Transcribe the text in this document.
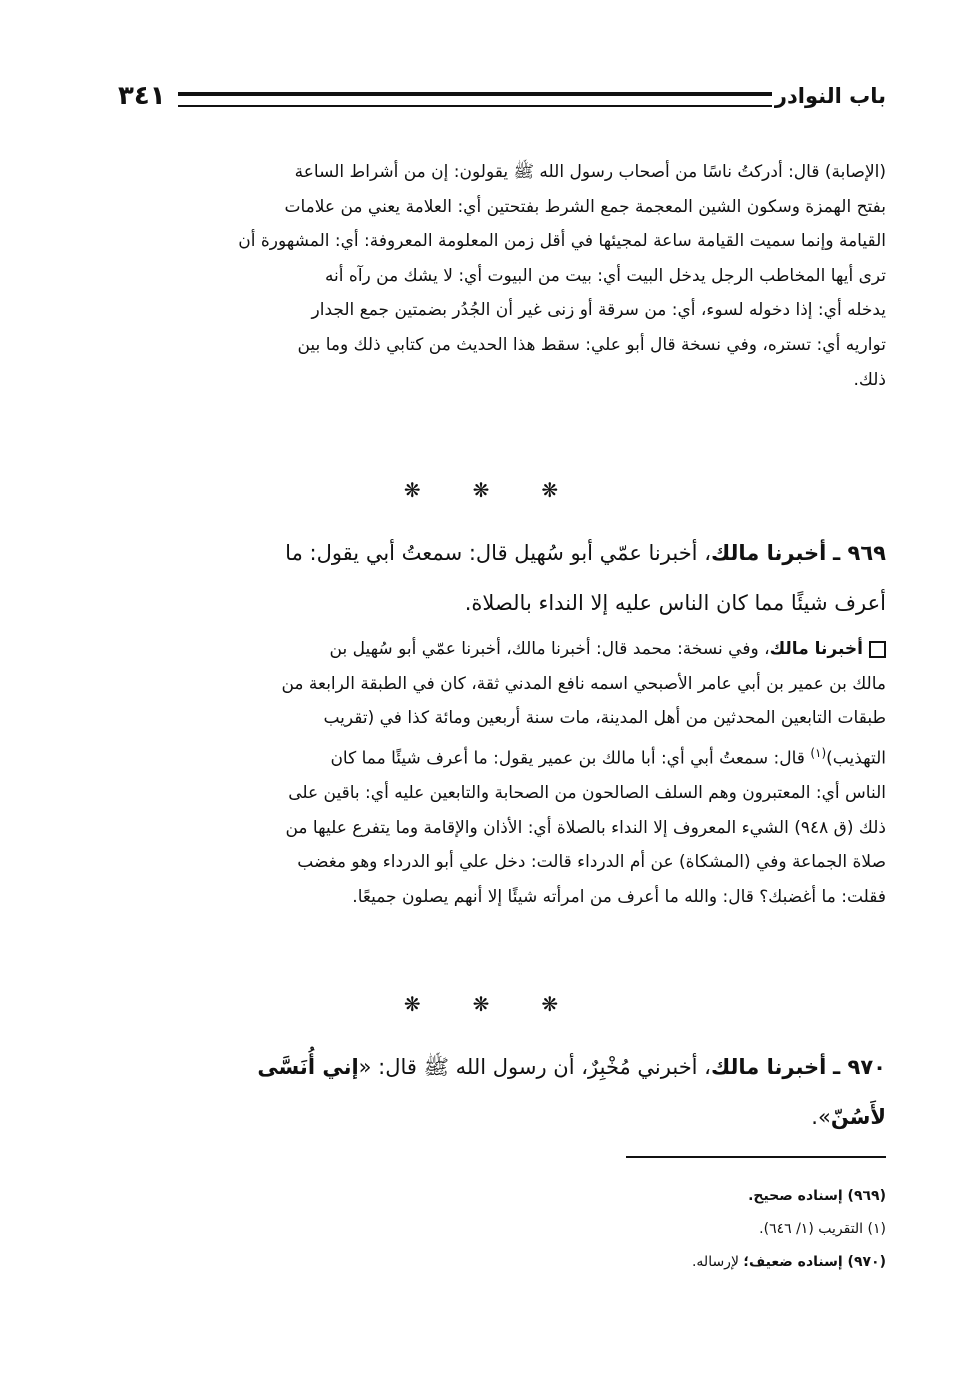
٣٤١	باب النوادر
(الإصابة) قال: أدركتُ ناسًا من أصحاب رسول الله ﷺ يقولون: إن من أشراط الساعة
بفتح الهمزة وسكون الشين المعجمة جمع الشرط بفتحتين أي: العلامة يعني من علامات
القيامة وإنما سميت القيامة ساعة لمجيئها في أقل زمن المعلومة المعروفة: أي: المشهورة أن
ترى أيها المخاطب الرجل يدخل البيت أي: بيت من البيوت أي: لا يشك من رآه أنه
يدخله أي: إذا دخوله لسوء، أي: من سرقة أو زنى غير أن الجُدُر بضمتين جمع الجدار
تواريه أي: تستره، وفي نسخة قال أبو علي: سقط هذا الحديث من كتابي ذلك وما بين
ذلك.
❋	❋	❋
٩٦٩ ـ أخبرنا مالك، أخبرنا عمّي أبو سُهيل قال: سمعتُ أبي يقول: ما
أعرف شيئًا مما كان الناس عليه إلا النداء بالصلاة.
أخبرنا مالك، وفي نسخة: محمد قال: أخبرنا مالك، أخبرنا عمّي أبو سُهيل بن
مالك بن عمير بن أبي عامر الأصبحي اسمه نافع المدني ثقة، كان في الطبقة الرابعة من
طبقات التابعين المحدثين من أهل المدينة، مات سنة أربعين ومائة كذا في (تقريب
التهذيب)$^{(١)}$ قال: سمعتُ أبي أي: أبا مالك بن عمير يقول: ما أعرف شيئًا مما كان
الناس أي: المعتبرون وهم السلف الصالحون من الصحابة والتابعين عليه أي: باقين على
ذلك (ق ٩٤٨) الشيء المعروف إلا النداء بالصلاة أي: الأذان والإقامة وما يتفرع عليها من
صلاة الجماعة وفي (المشكاة) عن أم الدرداء قالت: دخل علي أبو الدرداء وهو مغضب
فقلت: ما أغضبك؟ قال: والله ما أعرف من امرأته شيئًا إلا أنهم يصلون جميعًا.
❋	❋	❋
٩٧٠ ـ أخبرنا مالك، أخبرني مُخْبِرٌ، أن رسول الله ﷺ قال: «إني أُنَسَّى
لأَسُنّ».
(٩٦٩) إسناده صحيح.
(١) التقريب (١/ ٦٤٦).
(٩٧٠) إسناده ضعيف؛ لإرساله.
